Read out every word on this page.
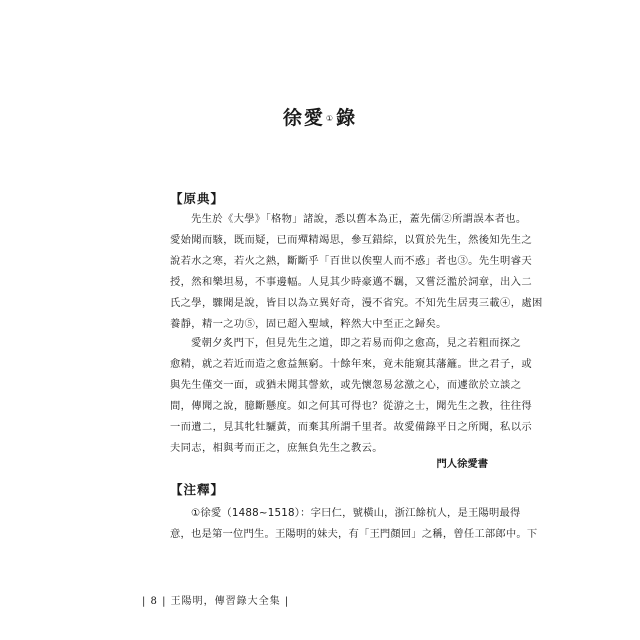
徐愛①錄
【原典】
先生於《大學》「格物」諸說，悉以舊本為正，蓋先儒②所謂誤本者也。
愛始聞而駭，既而疑，已而殫精竭思，參互錯綜，以質於先生，然後知先生之
說若水之寒，若火之熱，斷斷乎「百世以俟聖人而不惑」者也③。先生明睿天
授，然和樂坦易，不事邊幅。人見其少時豪邁不羈，又嘗泛濫於詞章，出入二
氏之學，驟聞是說，皆目以為立異好奇，漫不省究。不知先生居夷三載④，處困
養靜，精一之功⑤，固已超入聖域，粹然大中至正之歸矣。
愛朝夕炙門下，但見先生之道，即之若易而仰之愈高，見之若粗而探之
愈精，就之若近而造之愈益無窮。十餘年來，竟未能窺其藩籬。世之君子，或
與先生僅交一面，或猶未聞其謦欬，或先懷忽易忿激之心，而遽欲於立談之
間，傳聞之說，臆斷懸度。如之何其可得也？從游之士，聞先生之教，往往得
一而遺二，見其牝牡驪黃，而棄其所謂千里者。故愛備錄平日之所聞，私以示
夫同志，相與考而正之，庶無負先生之教云。
門人徐愛書
【注釋】
①徐愛（1488~1518）：字曰仁，號橫山，浙江餘杭人，是王陽明最得
意，也是第一位門生。王陽明的妹夫，有「王門顏回」之稱，曾任工部郎中。下
| 8 | 王陽明，傳習錄大全集 |
